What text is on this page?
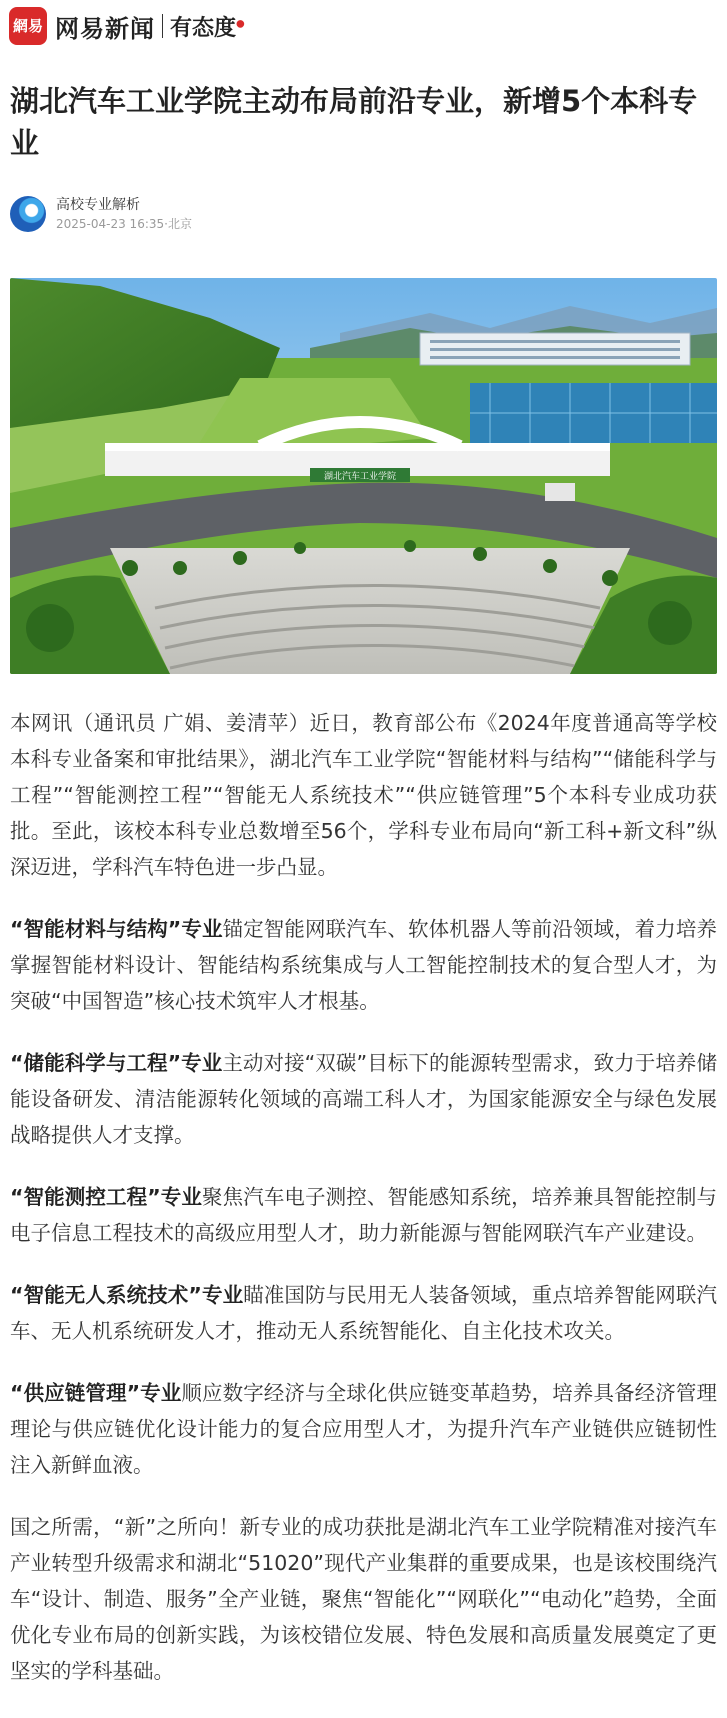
網易 网易新闻 有态度●
湖北汽车工业学院主动布局前沿专业，新增5个本科专业
高校专业解析
2025-04-23 16:35·北京
湖北汽车工业学院

本网讯（通讯员 广娟、姜清苹）近日，教育部公布《2024年度普通高等学校本科专业备案和审批结果》，湖北汽车工业学院“智能材料与结构”“储能科学与工程”“智能测控工程”“智能无人系统技术”“供应链管理”5个本科专业成功获批。至此，该校本科专业总数增至56个，学科专业布局向“新工科+新文科”纵深迈进，学科汽车特色进一步凸显。

“智能材料与结构”专业锚定智能网联汽车、软体机器人等前沿领域，着力培养掌握智能材料设计、智能结构系统集成与人工智能控制技术的复合型人才，为突破“中国智造”核心技术筑牢人才根基。

“储能科学与工程”专业主动对接“双碳”目标下的能源转型需求，致力于培养储能设备研发、清洁能源转化领域的高端工科人才，为国家能源安全与绿色发展战略提供人才支撑。

“智能测控工程”专业聚焦汽车电子测控、智能感知系统，培养兼具智能控制与电子信息工程技术的高级应用型人才，助力新能源与智能网联汽车产业建设。

“智能无人系统技术”专业瞄准国防与民用无人装备领域，重点培养智能网联汽车、无人机系统研发人才，推动无人系统智能化、自主化技术攻关。

“供应链管理”专业顺应数字经济与全球化供应链变革趋势，培养具备经济管理理论与供应链优化设计能力的复合应用型人才，为提升汽车产业链供应链韧性注入新鲜血液。

国之所需，“新”之所向！新专业的成功获批是湖北汽车工业学院精准对接汽车产业转型升级需求和湖北“51020”现代产业集群的重要成果，也是该校围绕汽车“设计、制造、服务”全产业链，聚焦“智能化”“网联化”“电动化”趋势，全面优化专业布局的创新实践，为该校错位发展、特色发展和高质量发展奠定了更坚实的学科基础。
